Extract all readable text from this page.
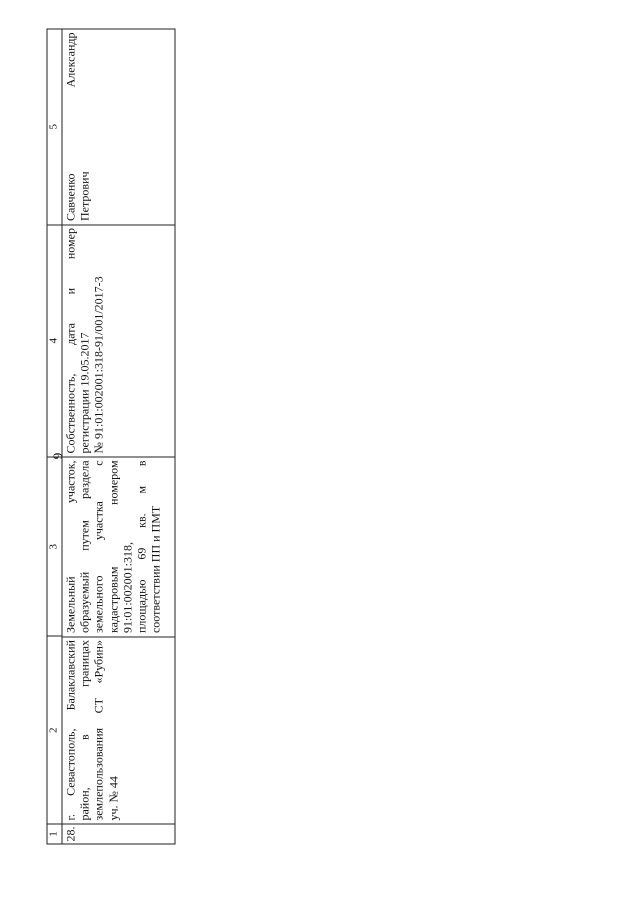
9
1
2
3
4
5
28.
г. Севастополь, Балаклавский район, в границах землепользования СТ «Рубин» уч. № 44
Земельный участок, образуемый путем раздела земельного участка с кадастровым номером 91:01:002001:318, площадью 69 кв. м в соответствии ПП и ПМТ
Собственность, дата и номер регистрации 19.05.2017 № 91:01:002001:318-91/001/2017-3
Савченко Александр Петрович
